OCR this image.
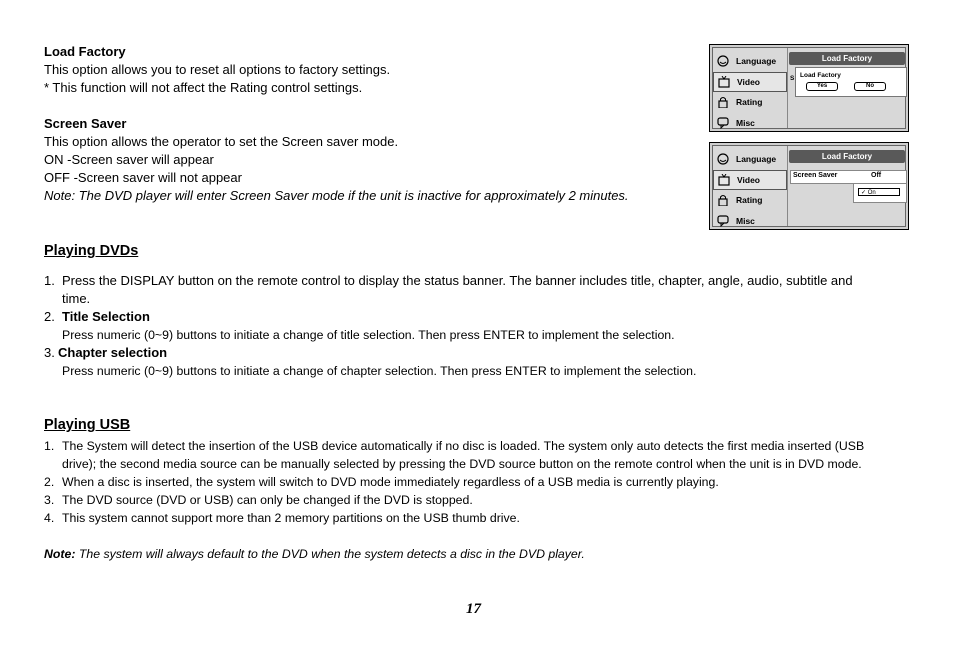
Load Factory
This option allows you to reset all options to factory settings.
* This function will not affect the Rating control settings.
Screen Saver
This option allows the operator to set the Screen saver mode.
ON -Screen saver will appear
OFF -Screen saver will not appear
Note: The DVD player will enter Screen Saver mode if the unit is inactive for approximately 2 minutes.
Language
Video
Rating
Misc
Load Factory
S Load Factory
Yes	No
Language
Video
Rating
Misc
Load Factory
Screen Saver	Off
✓ On
Playing DVDs
1. Press the DISPLAY button on the remote control to display the status banner. The banner includes title, chapter, angle, audio, subtitle and
time.
2. Title Selection
Press numeric (0~9) buttons to initiate a change of title selection. Then press ENTER to implement the selection.
3. Chapter selection
Press numeric (0~9) buttons to initiate a change of chapter selection. Then press ENTER to implement the selection.
Playing USB
1. The System will detect the insertion of the USB device automatically if no disc is loaded. The system only auto detects the first media inserted (USB
drive); the second media source can be manually selected by pressing the DVD source button on the remote control when the unit is in DVD mode.
2. When a disc is inserted, the system will switch to DVD mode immediately regardless of a USB media is currently playing.
3. The DVD source (DVD or USB) can only be changed if the DVD is stopped.
4. This system cannot support more than 2 memory partitions on the USB thumb drive.
Note: The system will always default to the DVD when the system detects a disc in the DVD player.
17
